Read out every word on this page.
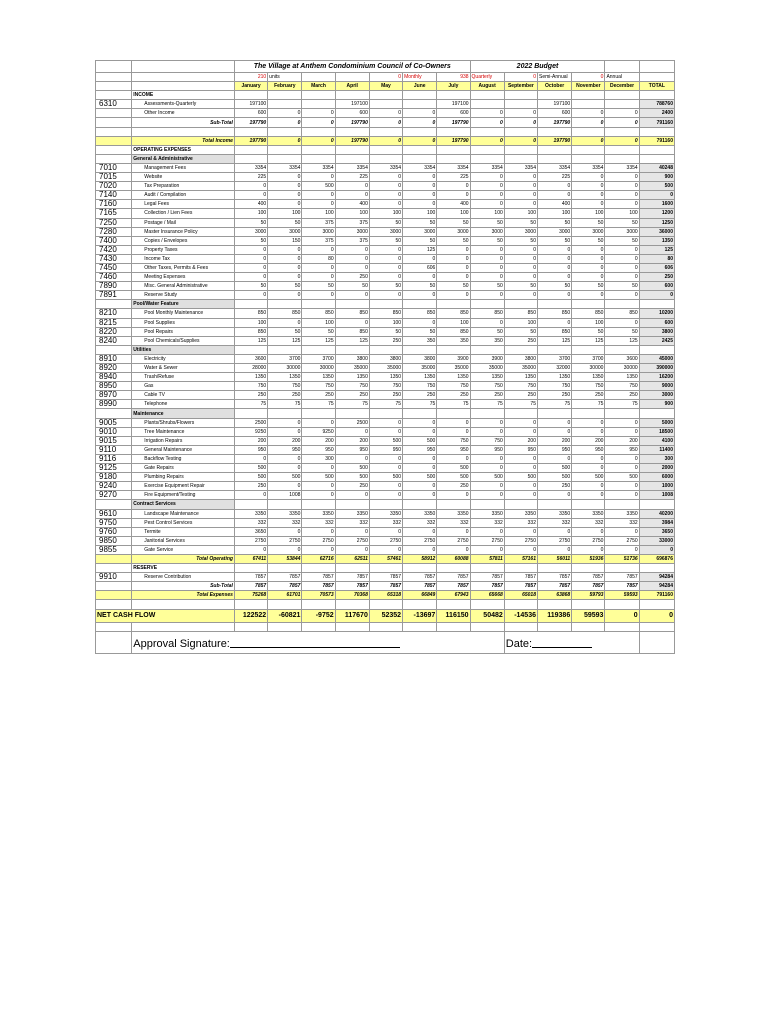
		The Village at Anthem Condominium Council of Co-Owners							2022 Budget					
		210	units			0	Monthly	938	Quarterly	0	Semi-Annual	0	Annual	
		January	February	March	April	May	June	July	August	September	October	November	December	TOTAL
	INCOME													
6310	Assessments-Quarterly	197100			197100			197100			197100			788760
	Other Income	600	0	0	600	0	0	600	0	0	600	0	0	2400
	Sub-Total	197790	0	0	197790	0	0	197790	0	0	197790	0	0	791160

	Total Income	197790	0	0	197790	0	0	197790	0	0	197790	0	0	791160
	OPERATING EXPENSES													
	General & Administrative													
7010	Management Fees	3354	3354	3354	3354	3354	3354	3354	3354	3354	3354	3354	3354	40248
7015	Website	225	0	0	225	0	0	225	0	0	225	0	0	900
7020	Tax Preparation	0	0	500	0	0	0	0	0	0	0	0	0	500
7140	Audit / Compilation	0	0	0	0	0	0	0	0	0	0	0	0	0
7160	Legal Fees	400	0	0	400	0	0	400	0	0	400	0	0	1600
7165	Collection / Lien Fees	100	100	100	100	100	100	100	100	100	100	100	100	1200
7250	Postage / Mail	50	50	375	375	50	50	50	50	50	50	50	50	1250
7280	Master Insurance Policy	3000	3000	3000	3000	3000	3000	3000	3000	3000	3000	3000	3000	36000
7400	Copies / Envelopes	50	150	375	375	50	50	50	50	50	50	50	50	1350
7420	Property Taxes	0	0	0	0	0	125	0	0	0	0	0	0	125
7430	Income Tax	0	0	80	0	0	0	0	0	0	0	0	0	80
7450	Other Taxes, Permits & Fees	0	0	0	0	0	606	0	0	0	0	0	0	606
7460	Meeting Expenses	0	0	0	250	0	0	0	0	0	0	0	0	250
7890	Misc. General Administrative	50	50	50	50	50	50	50	50	50	50	50	50	600
7891	Reserve Study	0	0	0	0	0	0	0	0	0	0	0	0	0
	Pool/Water Feature													
8210	Pool Monthly Maintenance	850	850	850	850	850	850	850	850	850	850	850	850	10200
8215	Pool Supplies	100	0	100	0	100	0	100	0	100	0	100	0	600
8220	Pool Repairs	850	50	50	850	50	50	850	50	50	850	50	50	3800
8240	Pool Chemicals/Supplies	125	125	125	125	250	350	350	350	250	125	125	125	2425
	Utilities													
8910	Electricity	3600	3700	3700	3800	3800	3800	3900	3900	3800	3700	3700	3600	45000
8920	Water & Sewer	28000	30000	30000	35000	35000	35000	35000	35000	35000	32000	30000	30000	390000
8940	Trash/Refuse	1350	1350	1350	1350	1350	1350	1350	1350	1350	1350	1350	1350	16200
8950	Gas	750	750	750	750	750	750	750	750	750	750	750	750	9000
8970	Cable TV	250	250	250	250	250	250	250	250	250	250	250	250	3000
8990	Telephone	75	75	75	75	75	75	75	75	75	75	75	75	900
	Maintenance													
9005	Plants/Shrubs/Flowers	2500	0	0	2500	0	0	0	0	0	0	0	0	5000
9010	Tree Maintenance	9250	0	9250	0	0	0	0	0	0	0	0	0	18500
9015	Irrigation Repairs	200	200	200	200	500	500	750	750	200	200	200	200	4100
9110	General Maintenance	950	950	950	950	950	950	950	950	950	950	950	950	11400
9116	Backflow Testing	0	0	300	0	0	0	0	0	0	0	0	0	300
9125	Gate Repairs	500	0	0	500	0	0	500	0	0	500	0	0	2000
9180	Plumbing Repairs	500	500	500	500	500	500	500	500	500	500	500	500	6000
9240	Exercise Equipment Repair	250	0	0	250	0	0	250	0	0	250	0	0	1000
9270	Fire Equipment/Testing	0	1008	0	0	0	0	0	0	0	0	0	0	1008
	Contract Services													
9610	Landscape Maintenance	3350	3350	3350	3350	3350	3350	3350	3350	3350	3350	3350	3350	40200
9750	Pest Control Services	332	332	332	332	332	332	332	332	332	332	332	332	3984
9760	Termite	3650	0	0	0	0	0	0	0	0	0	0	0	3650
9850	Janitorial Services	2750	2750	2750	2750	2750	2750	2750	2750	2750	2750	2750	2750	33000
9855	Gate Service	0	0	0	0	0	0	0	0	0	0	0	0	0
	Total Operating	67411	53844	62716	62511	57461	58912	60088	57811	57161	56011	51936	51736	696876
	RESERVE													
9910	Reserve Contribution	7857	7857	7857	7857	7857	7857	7857	7857	7857	7857	7857	7857	94284
	Sub-Total	7857	7857	7857	7857	7857	7857	7857	7857	7857	7857	7857	7857	94284
	Total Expenses	75268	61701	70573	70368	65318	66849	67943	65668	65018	63868	59793	59593	791160

NET CASH FLOW		122522	-60821	-9752	117670	52352	-13697	116150	50482	-14536	119386	59593	0	0

	Approval Signature:									Date:				
